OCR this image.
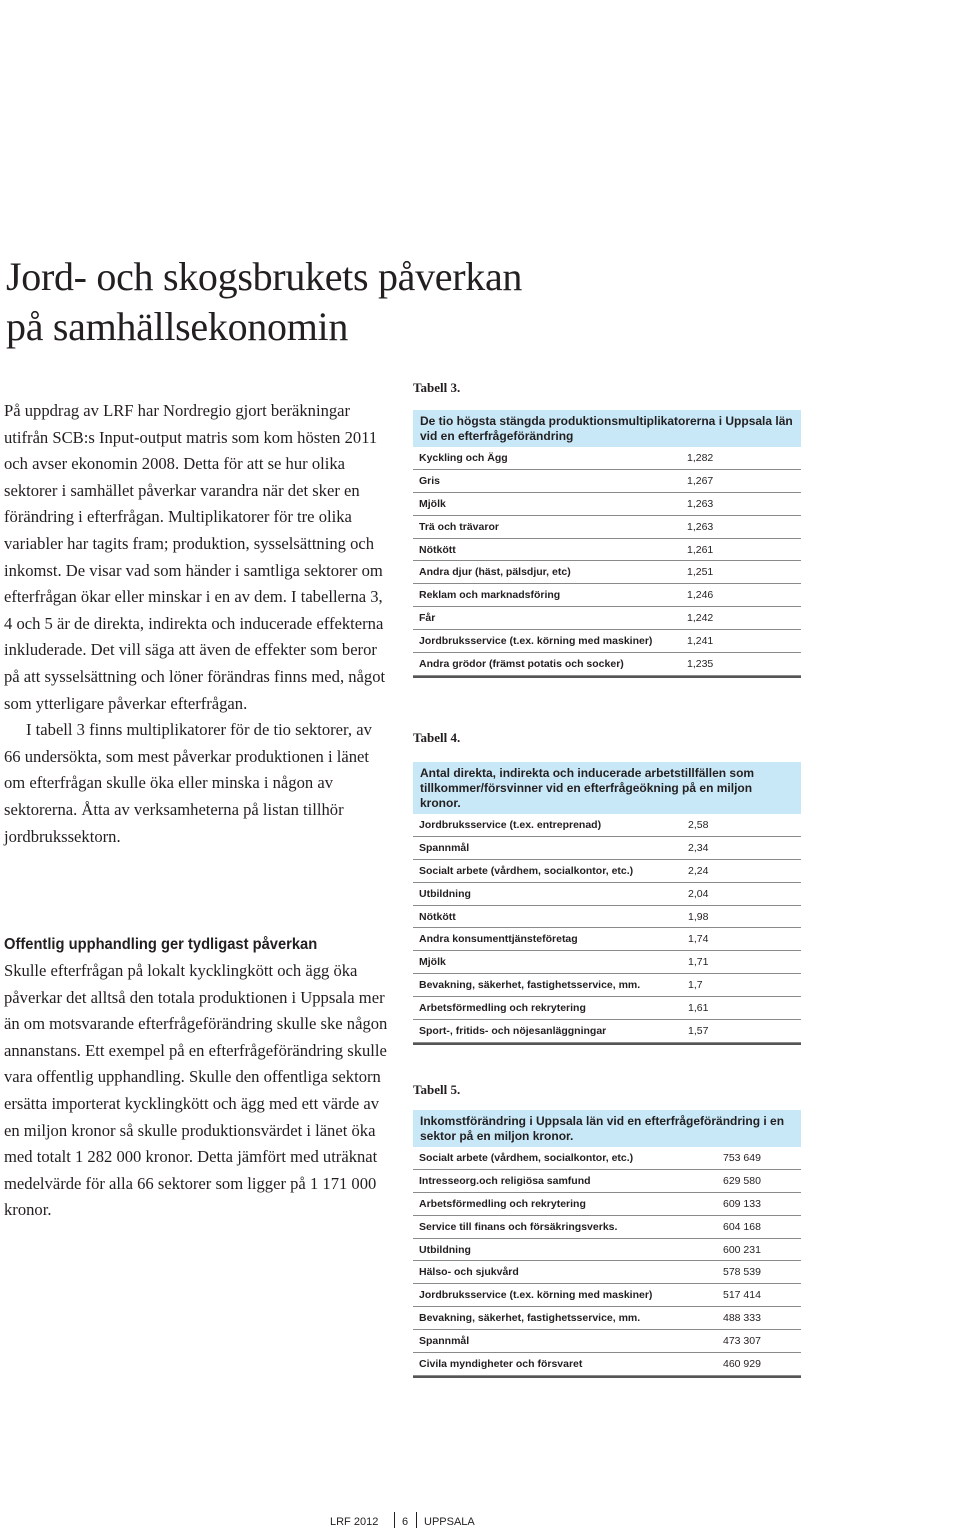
Jord- och skogsbrukets påverkan
på samhällsekonomin

På uppdrag av LRF har Nordregio gjort beräkningar utifrån SCB:s Input-output matris som kom hösten 2011 och avser ekonomin 2008. Detta för att se hur olika sektorer i samhället påverkar varandra när det sker en förändring i efterfrågan. Multiplikatorer för tre olika variabler har tagits fram; produktion, sysselsättning och inkomst. De visar vad som händer i samtliga sektorer om efterfrågan ökar eller minskar i en av dem. I tabellerna 3, 4 och 5 är de direkta, indirekta och inducerade effekterna inkluderade. Det vill säga att även de effekter som beror på att sysselsättning och löner förändras finns med, något som ytterligare påverkar efterfrågan.

I tabell 3 finns multiplikatorer för de tio sektorer, av 66 undersökta, som mest påverkar produktionen i länet om efterfrågan skulle öka eller minska i någon av sektorerna. Åtta av verksamheterna på listan tillhör jordbrukssektorn.

Offentlig upphandling ger tydligast påverkan

Skulle efterfrågan på lokalt kycklingkött och ägg öka påverkar det alltså den totala produktionen i Uppsala mer än om motsvarande efterfrågeförändring skulle ske någon annanstans. Ett exempel på en efterfrågeförändring skulle vara offentlig upphandling. Skulle den offentliga sektorn ersätta importerat kycklingkött och ägg med ett värde av en miljon kronor så skulle produktionsvärdet i länet öka med totalt 1 282 000 kronor. Detta jämfört med uträknat medelvärde för alla 66 sektorer som ligger på 1 171 000 kronor.

Tabell 3.
De tio högsta stängda produktionsmultiplikatorerna i Uppsala län vid en efterfrågeförändring
Kyckling och Ägg	1,282
Gris	1,267
Mjölk	1,263
Trä och trävaror	1,263
Nötkött	1,261
Andra djur (häst, pälsdjur, etc)	1,251
Reklam och marknadsföring	1,246
Får	1,242
Jordbruksservice (t.ex. körning med maskiner)	1,241
Andra grödor (främst potatis och socker)	1,235
Tabell 4.
Antal direkta, indirekta och inducerade arbetstillfällen som tillkommer/försvinner vid en efterfrågeökning på en miljon kronor.
Jordbruksservice (t.ex. entreprenad)	2,58
Spannmål	2,34
Socialt arbete (vårdhem, socialkontor, etc.)	2,24
Utbildning	2,04
Nötkött	1,98
Andra konsumenttjänsteföretag	1,74
Mjölk	1,71
Bevakning, säkerhet, fastighetsservice, mm.	1,7
Arbetsförmedling och rekrytering	1,61
Sport-, fritids- och nöjesanläggningar	1,57
Tabell 5.
Inkomstförändring i Uppsala län vid en efterfrågeförändring i en sektor på en miljon kronor.
Socialt arbete (vårdhem, socialkontor, etc.)	753 649
Intresseorg.och religiösa samfund	629 580
Arbetsförmedling och rekrytering	609 133
Service till finans och försäkringsverks.	604 168
Utbildning	600 231
Hälso- och sjukvård	578 539
Jordbruksservice (t.ex. körning med maskiner)	517 414
Bevakning, säkerhet, fastighetsservice, mm.	488 333
Spannmål	473 307
Civila myndigheter och försvaret	460 929
LRF 2012 6 UPPSALA
